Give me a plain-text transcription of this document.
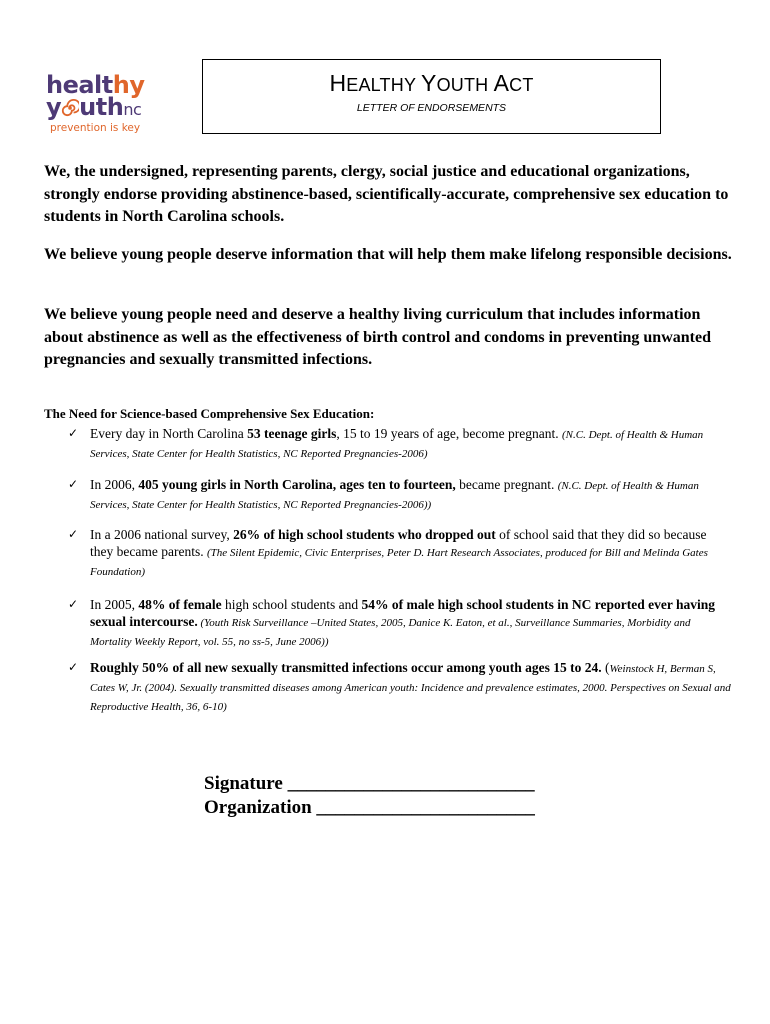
healthy
y uthnc
prevention is key
HEALTHY YOUTH ACT
LETTER OF ENDORSEMENTS

We, the undersigned, representing parents, clergy, social justice and educational organizations, strongly endorse providing abstinence-based, scientifically-accurate, comprehensive sex education to students in North Carolina schools.

We believe young people deserve information that will help them make lifelong responsible decisions.

We believe young people need and deserve a healthy living curriculum that includes information about abstinence as well as the effectiveness of birth control and condoms in preventing unwanted pregnancies and sexually transmitted infections.

The Need for Science-based Comprehensive Sex Education:

✓ Every day in North Carolina 53 teenage girls, 15 to 19 years of age, become pregnant. (N.C. Dept. of Health & Human Services, State Center for Health Statistics, NC Reported Pregnancies-2006)
✓ In 2006, 405 young girls in North Carolina, ages ten to fourteen, became pregnant. (N.C. Dept. of Health & Human Services, State Center for Health Statistics, NC Reported Pregnancies-2006))
✓ In a 2006 national survey, 26% of high school students who dropped out of school said that they did so because they became parents. (The Silent Epidemic, Civic Enterprises, Peter D. Hart Research Associates, produced for Bill and Melinda Gates Foundation)
✓ In 2005, 48% of female high school students and 54% of male high school students in NC reported ever having sexual intercourse. (Youth Risk Surveillance –United States, 2005, Danice K. Eaton, et al., Surveillance Summaries, Morbidity and Mortality Weekly Report, vol. 55, no ss-5, June 2006))
✓ Roughly 50% of all new sexually transmitted infections occur among youth ages 15 to 24. (Weinstock H, Berman S, Cates W, Jr. (2004). Sexually transmitted diseases among American youth: Incidence and prevalence estimates, 2000. Perspectives on Sexual and Reproductive Health, 36, 6-10)
Signature __________________________
Organization _______________________
